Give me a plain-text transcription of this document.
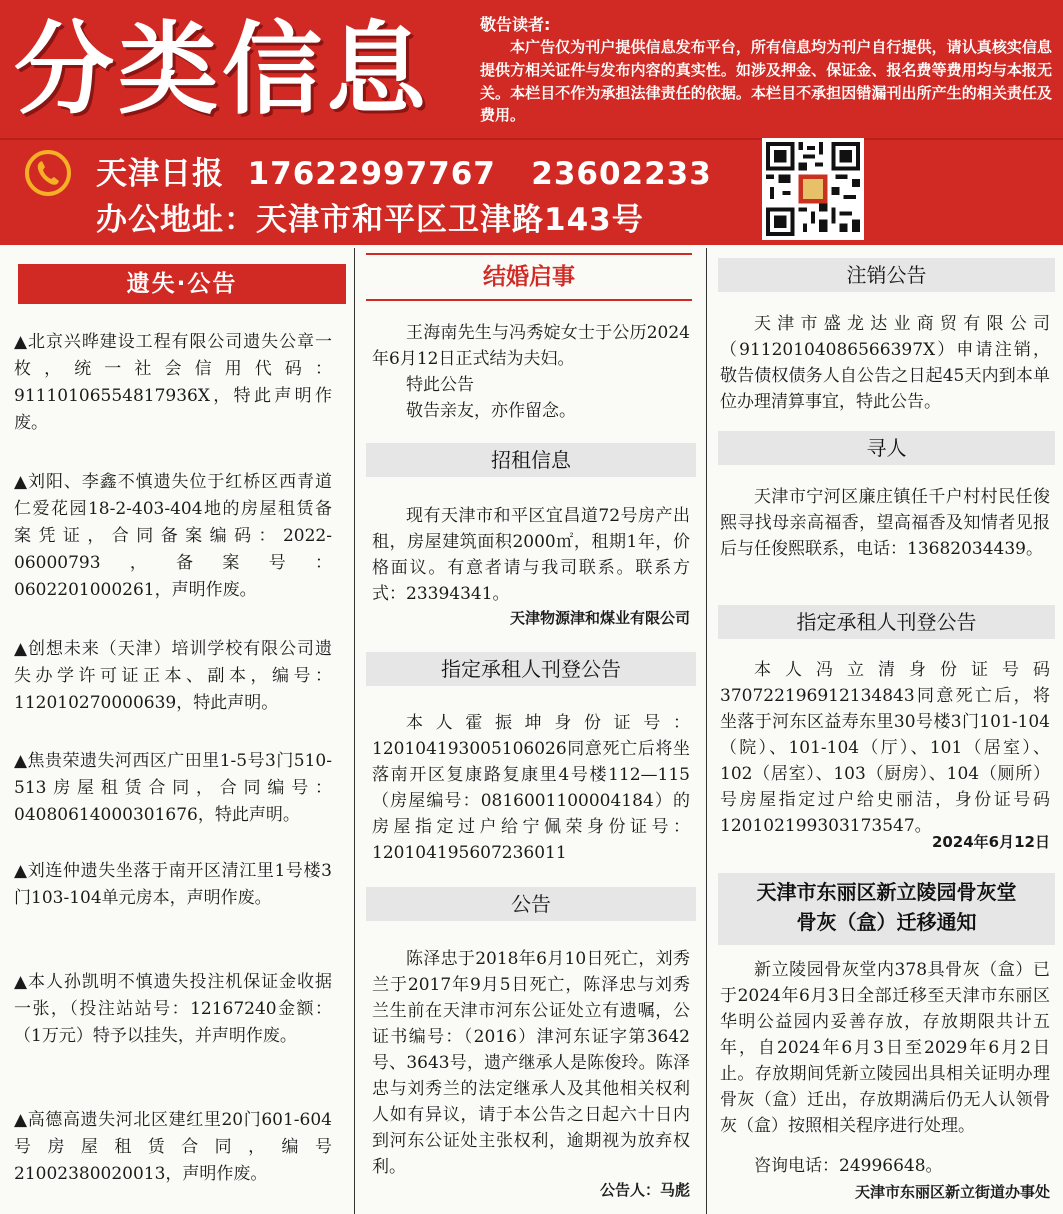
分类信息	敬告读者:
本广告仅为刊户提供信息发布平台，所有信息均为刊户自行提供，请认真核实信息提供方相关证件与发布内容的真实性。如涉及押金、保证金、报名费等费用均与本报无关。本栏目不作为承担法律责任的依据。本栏目不承担因错漏刊出所产生的相关责任及费用。
天津日报 17622997767 23602233
办公地址：天津市和平区卫津路143号
遗失·公告
▲北京兴晔建设工程有限公司遗失公章一枚，统一社会信用代码：91110106554817936X，特此声明作废。
▲刘阳、李鑫不慎遗失位于红桥区西青道仁爱花园18-2-403-404地的房屋租赁备案凭证，合同备案编码：2022-06000793，备案号：0602201000261，声明作废。
▲创想未来（天津）培训学校有限公司遗失办学许可证正本、副本，编号：112010270000639，特此声明。
▲焦贵荣遗失河西区广田里1-5号3门510-513房屋租赁合同，合同编号：04080614000301676，特此声明。
▲刘连仲遗失坐落于南开区清江里1号楼3门103-104单元房本，声明作废。
▲本人孙凯明不慎遗失投注机保证金收据一张，（投注站站号：12167240金额：（1万元）特予以挂失，并声明作废。
▲高德高遗失河北区建红里20门601-604号房屋租赁合同，编号21002380020013，声明作废。
结婚启事
王海南先生与冯秀婝女士于公历2024年6月12日正式结为夫妇。
特此公告
敬告亲友，亦作留念。
招租信息
现有天津市和平区宜昌道72号房产出租，房屋建筑面积2000㎡，租期1年，价格面议。有意者请与我司联系。联系方式：23394341。
天津物源津和煤业有限公司
指定承租人刊登公告
本人霍振坤身份证号：120104193005106026同意死亡后将坐落南开区复康路复康里4号楼112—115（房屋编号：0816001100004184）的房屋指定过户给宁佩荣身份证号：120104195607236011
公告
陈泽忠于2018年6月10日死亡，刘秀兰于2017年9月5日死亡，陈泽忠与刘秀兰生前在天津市河东公证处立有遗嘱，公证书编号：（2016）津河东证字第3642号、3643号，遗产继承人是陈俊玲。陈泽忠与刘秀兰的法定继承人及其他相关权利人如有异议，请于本公告之日起六十日内到河东公证处主张权利，逾期视为放弃权利。
公告人：马彪
注销公告
天津市盛龙达业商贸有限公司（91120104086566397X）申请注销，敬告债权债务人自公告之日起45天内到本单位办理清算事宜，特此公告。
寻人
天津市宁河区廉庄镇任千户村村民任俊熙寻找母亲高福香，望高福香及知情者见报后与任俊熙联系，电话：13682034439。
指定承租人刊登公告
本人冯立清身份证号码370722196912134843同意死亡后，将坐落于河东区益寿东里30号楼3门101-104（院）、101-104（厅）、101（居室）、102（居室）、103（厨房）、104（厕所）号房屋指定过户给史丽洁，身份证号码120102199303173547。
2024年6月12日
天津市东丽区新立陵园骨灰堂
骨灰（盒）迁移通知
新立陵园骨灰堂内378具骨灰（盒）已于2024年6月3日全部迁移至天津市东丽区华明公益园内妥善存放，存放期限共计五年，自2024年6月3日至2029年6月2日止。存放期间凭新立陵园出具相关证明办理骨灰（盒）迁出，存放期满后仍无人认领骨灰（盒）按照相关程序进行处理。
咨询电话：24996648。
天津市东丽区新立街道办事处
